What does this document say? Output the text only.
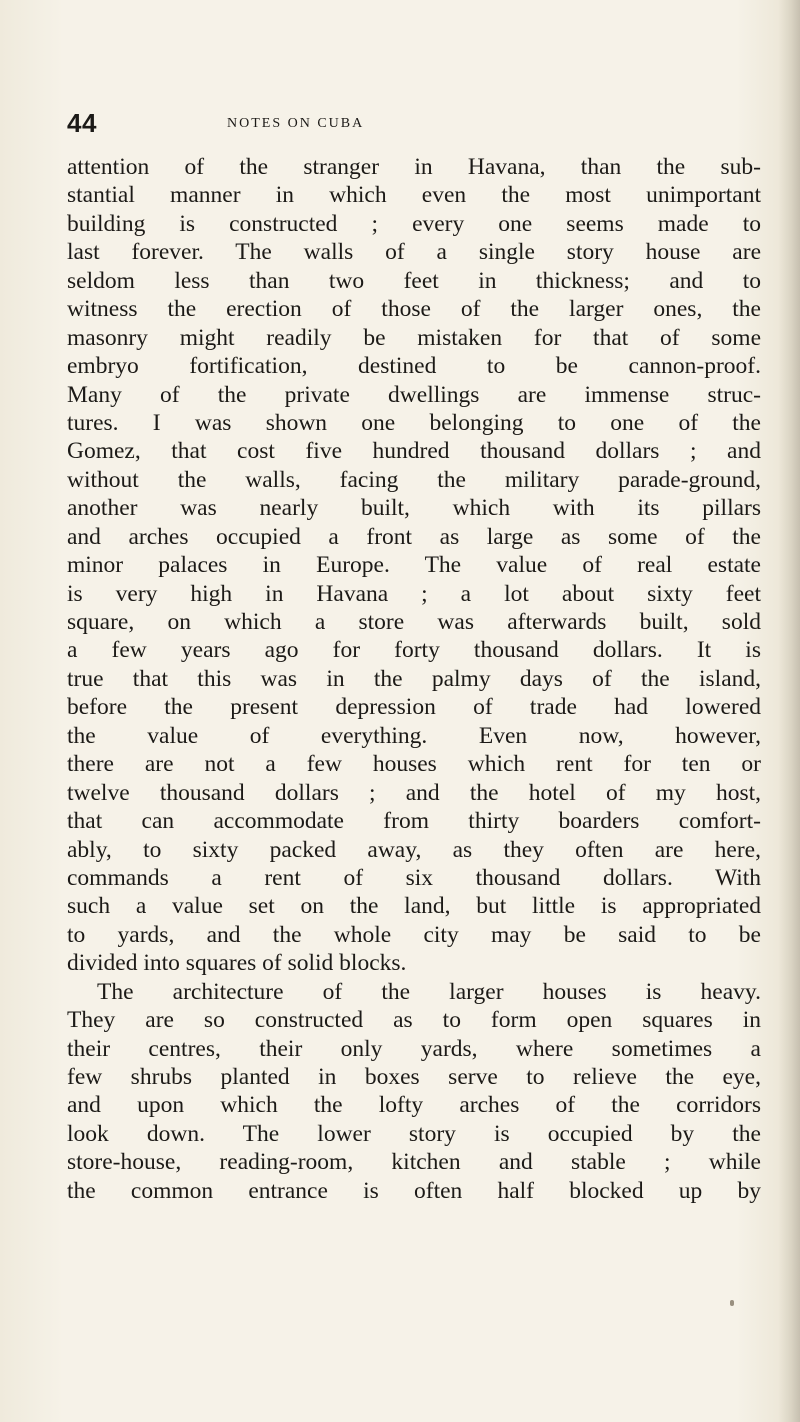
44	NOTES ON CUBA
attention of the stranger in Havana, than the sub-
stantial manner in which even the most unimportant
building is constructed ; every one seems made to
last forever. The walls of a single story house are
seldom less than two feet in thickness; and to
witness the erection of those of the larger ones, the
masonry might readily be mistaken for that of some
embryo fortification, destined to be cannon-proof.
Many of the private dwellings are immense struc-
tures. I was shown one belonging to one of the
Gomez, that cost five hundred thousand dollars ; and
without the walls, facing the military parade-ground,
another was nearly built, which with its pillars
and arches occupied a front as large as some of the
minor palaces in Europe. The value of real estate
is very high in Havana ; a lot about sixty feet
square, on which a store was afterwards built, sold
a few years ago for forty thousand dollars. It is
true that this was in the palmy days of the island,
before the present depression of trade had lowered
the value of everything. Even now, however,
there are not a few houses which rent for ten or
twelve thousand dollars ; and the hotel of my host,
that can accommodate from thirty boarders comfort-
ably, to sixty packed away, as they often are here,
commands a rent of six thousand dollars. With
such a value set on the land, but little is appropriated
to yards, and the whole city may be said to be
divided into squares of solid blocks.
The architecture of the larger houses is heavy.
They are so constructed as to form open squares in
their centres, their only yards, where sometimes a
few shrubs planted in boxes serve to relieve the eye,
and upon which the lofty arches of the corridors
look down. The lower story is occupied by the
store-house, reading-room, kitchen and stable ; while
the common entrance is often half blocked up by
